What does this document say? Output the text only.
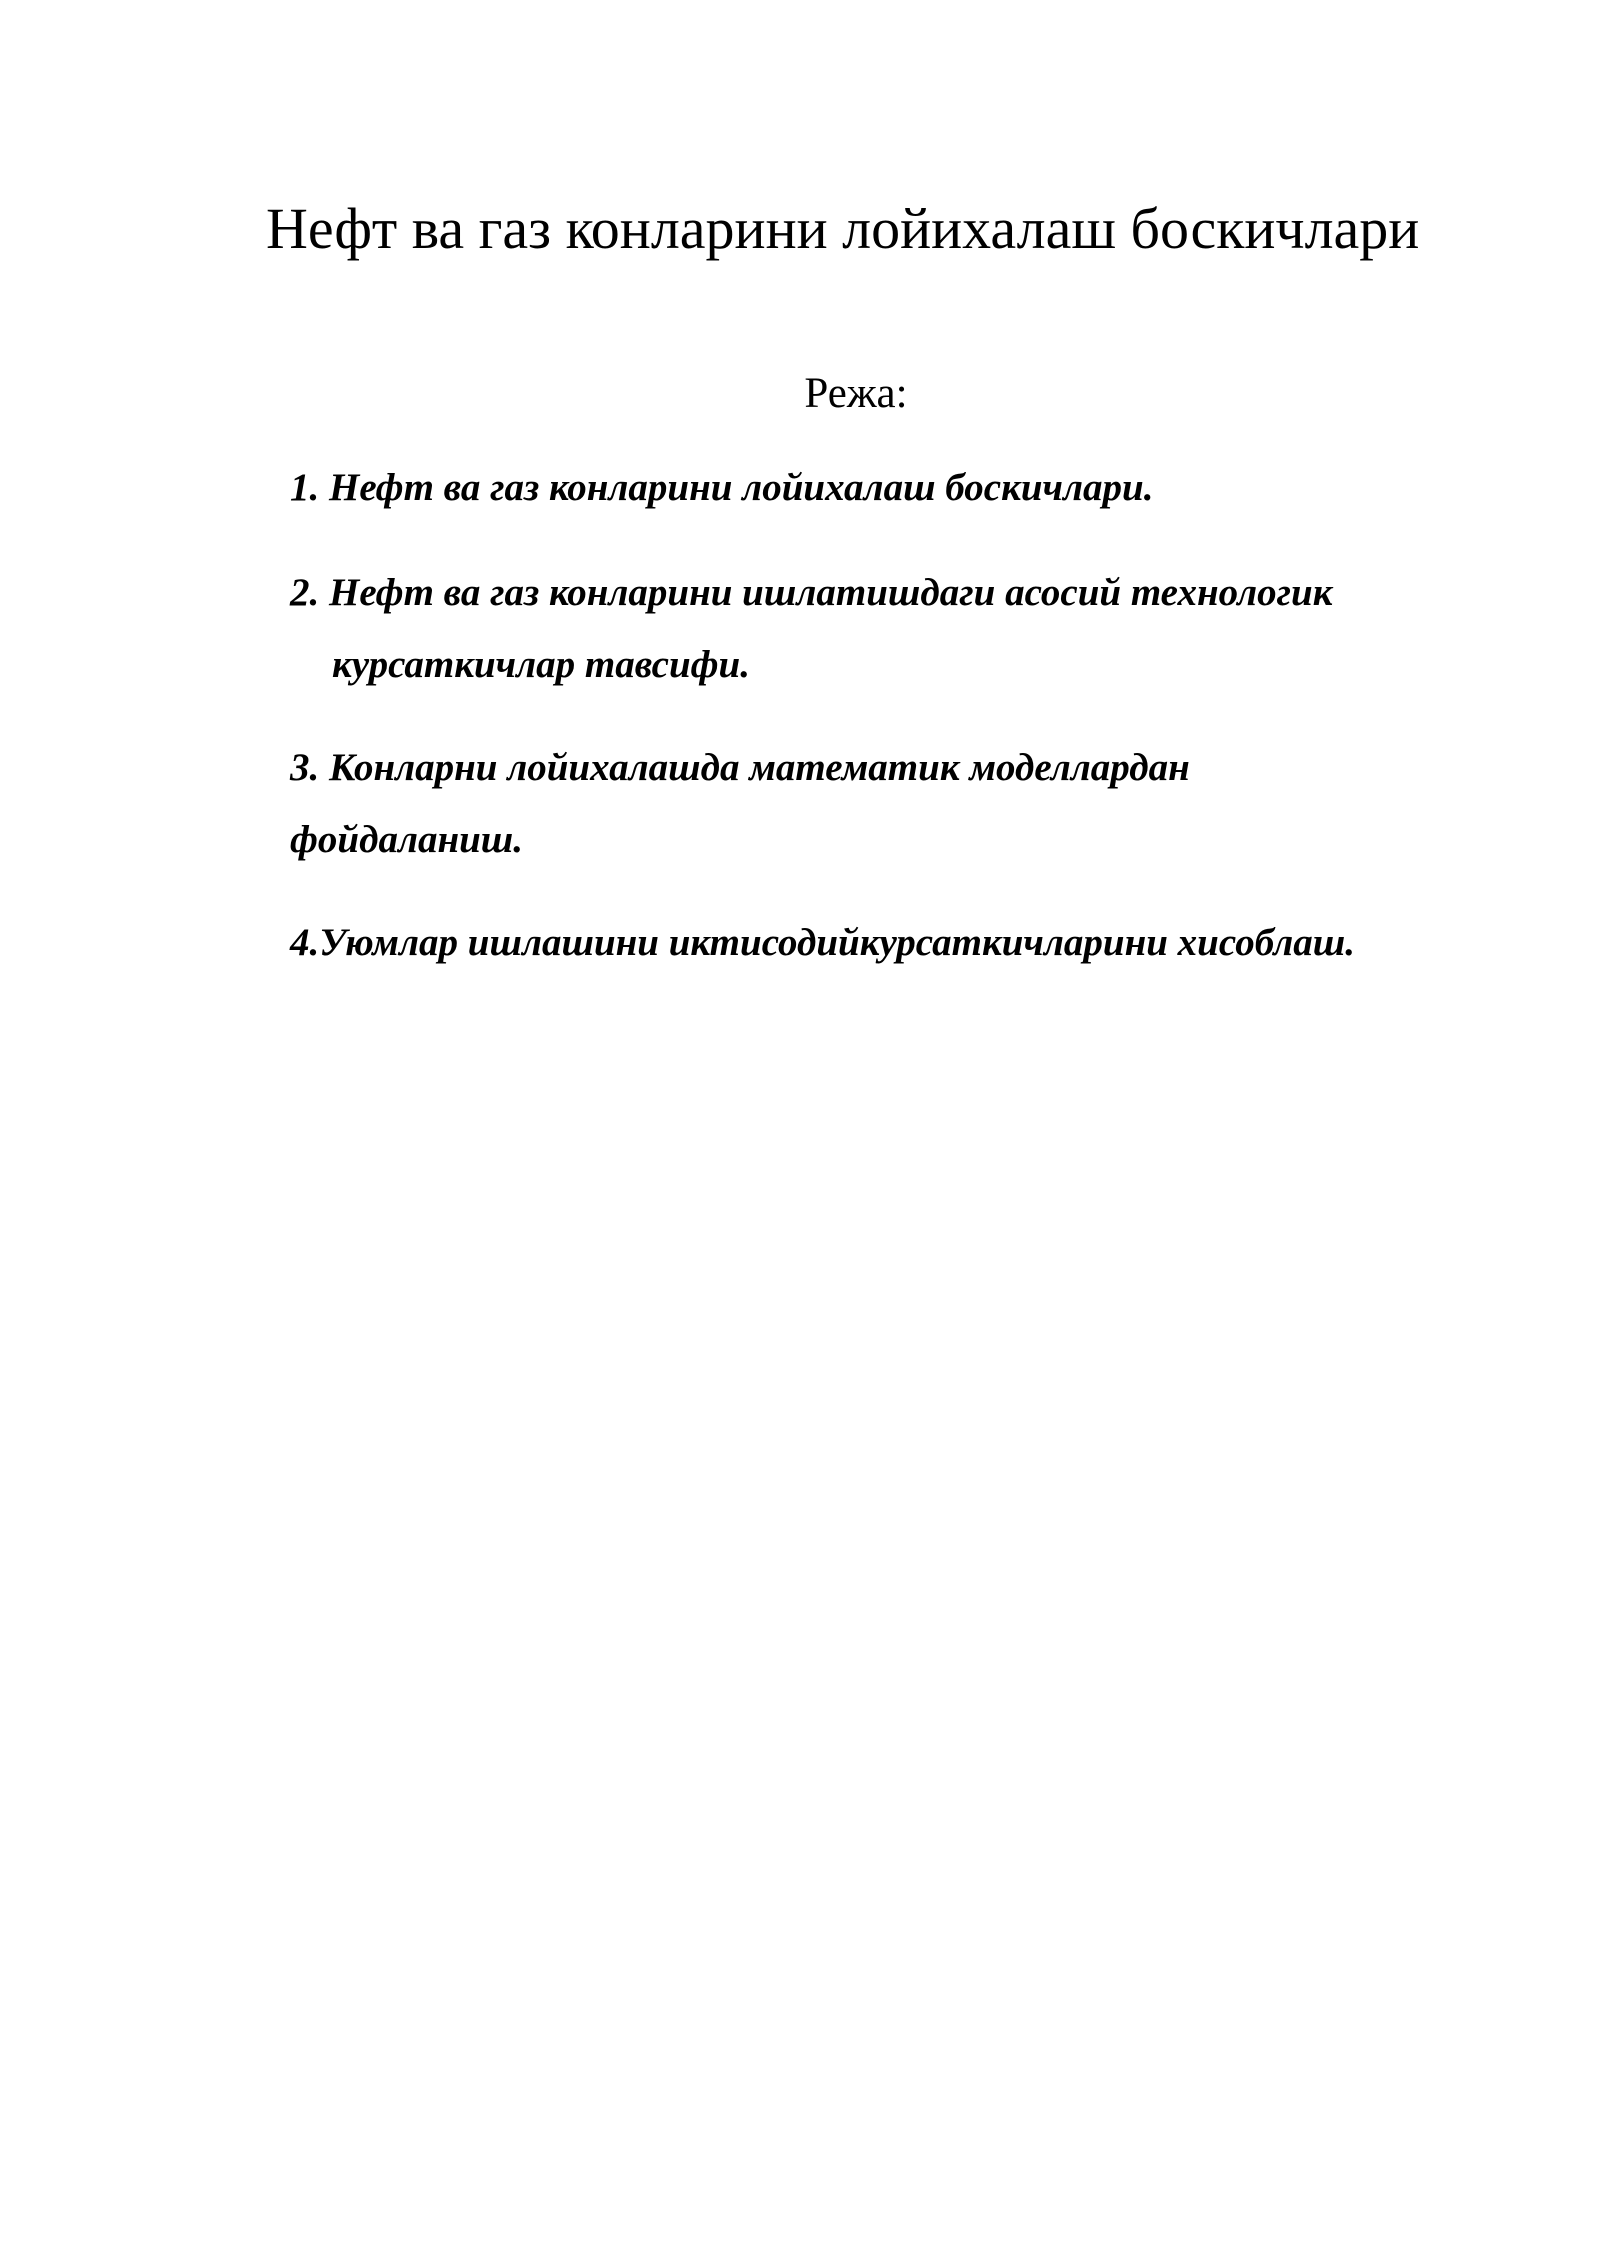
Нефт ва газ конларини лойихалаш боскичлари
Режа:
1. Нефт ва газ конларини лойихалаш боскичлари.
2. Нефт ва газ конларини ишлатишдаги асосий технологик
курсаткичлар тавсифи.
3. Конларни лойихалашда математик моделлардан
фойдаланиш.
4.Уюмлар ишлашини иктисодийкурсаткичларини хисоблаш.
